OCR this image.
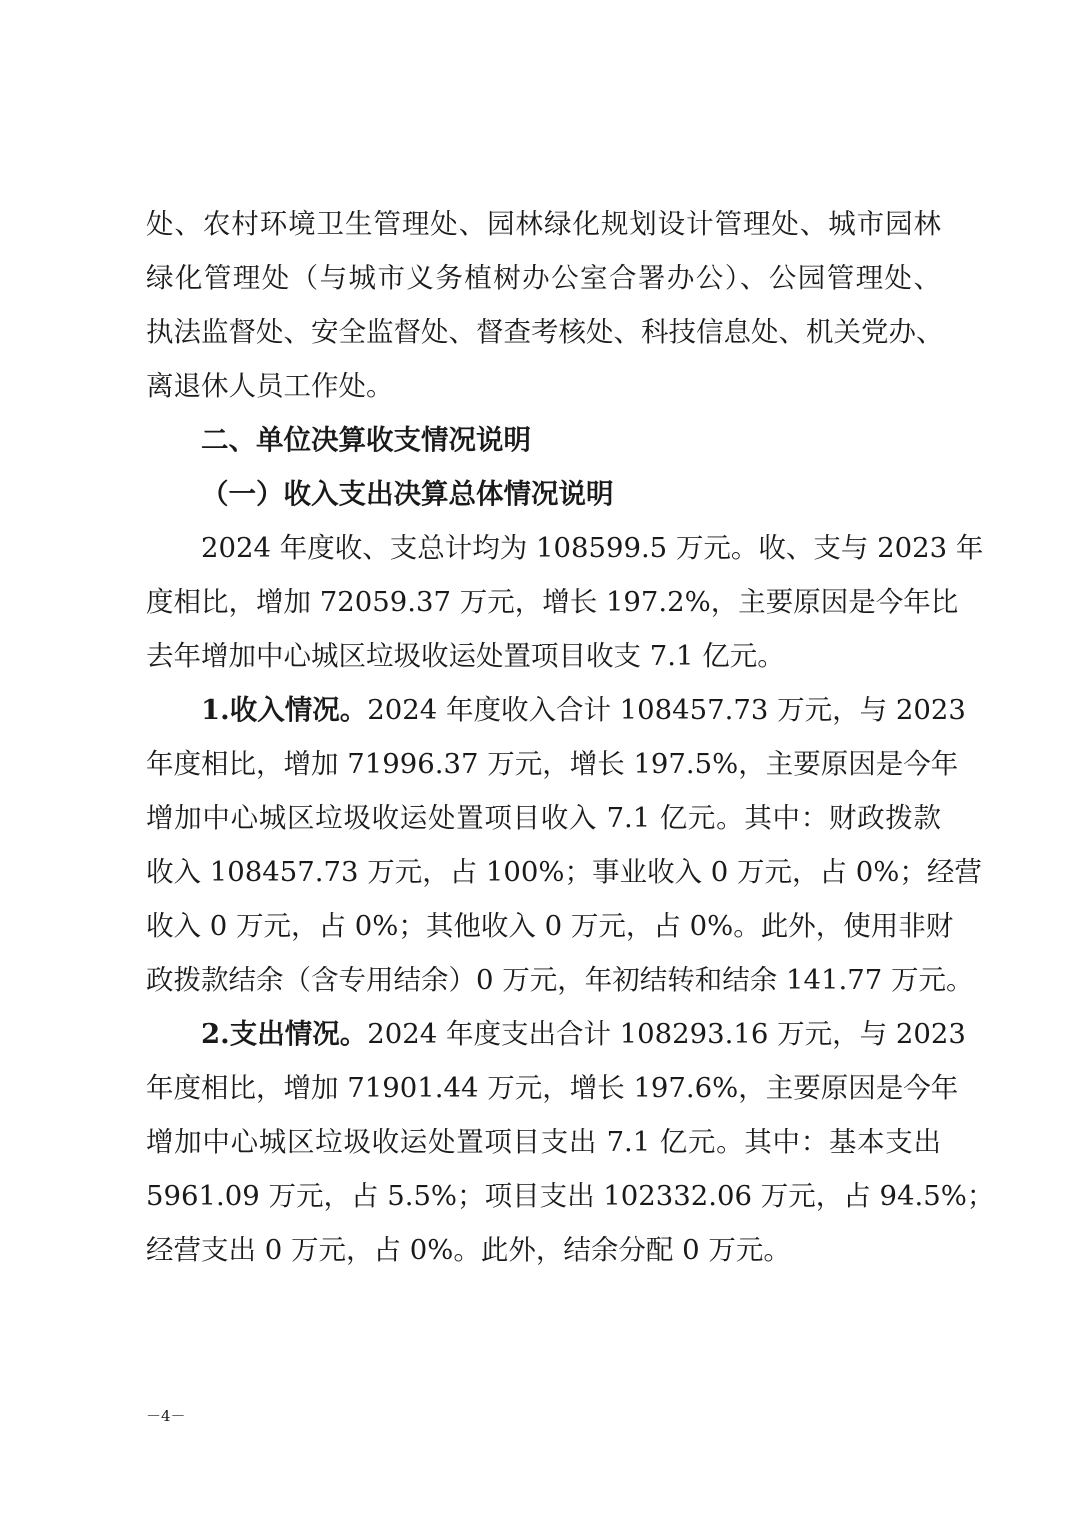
处、农村环境卫生管理处、园林绿化规划设计管理处、城市园林
绿化管理处（与城市义务植树办公室合署办公）、公园管理处、
执法监督处、安全监督处、督查考核处、科技信息处、机关党办、
离退休人员工作处。
二、单位决算收支情况说明
（一）收入支出决算总体情况说明
2024 年度收、支总计均为 108599.5 万元。收、支与 2023 年
度相比，增加 72059.37 万元，增长 197.2%，主要原因是今年比
去年增加中心城区垃圾收运处置项目收支 7.1 亿元。
1.收入情况。2024 年度收入合计 108457.73 万元，与 2023
年度相比，增加 71996.37 万元，增长 197.5%，主要原因是今年
增加中心城区垃圾收运处置项目收入 7.1 亿元。其中：财政拨款
收入 108457.73 万元，占 100%；事业收入 0 万元，占 0%；经营
收入 0 万元，占 0%；其他收入 0 万元，占 0%。此外，使用非财
政拨款结余（含专用结余）0 万元，年初结转和结余 141.77 万元。
2.支出情况。2024 年度支出合计 108293.16 万元，与 2023
年度相比，增加 71901.44 万元，增长 197.6%，主要原因是今年
增加中心城区垃圾收运处置项目支出 7.1 亿元。其中：基本支出
5961.09 万元，占 5.5%；项目支出 102332.06 万元，占 94.5%；
经营支出 0 万元，占 0%。此外，结余分配 0 万元。
－4－
